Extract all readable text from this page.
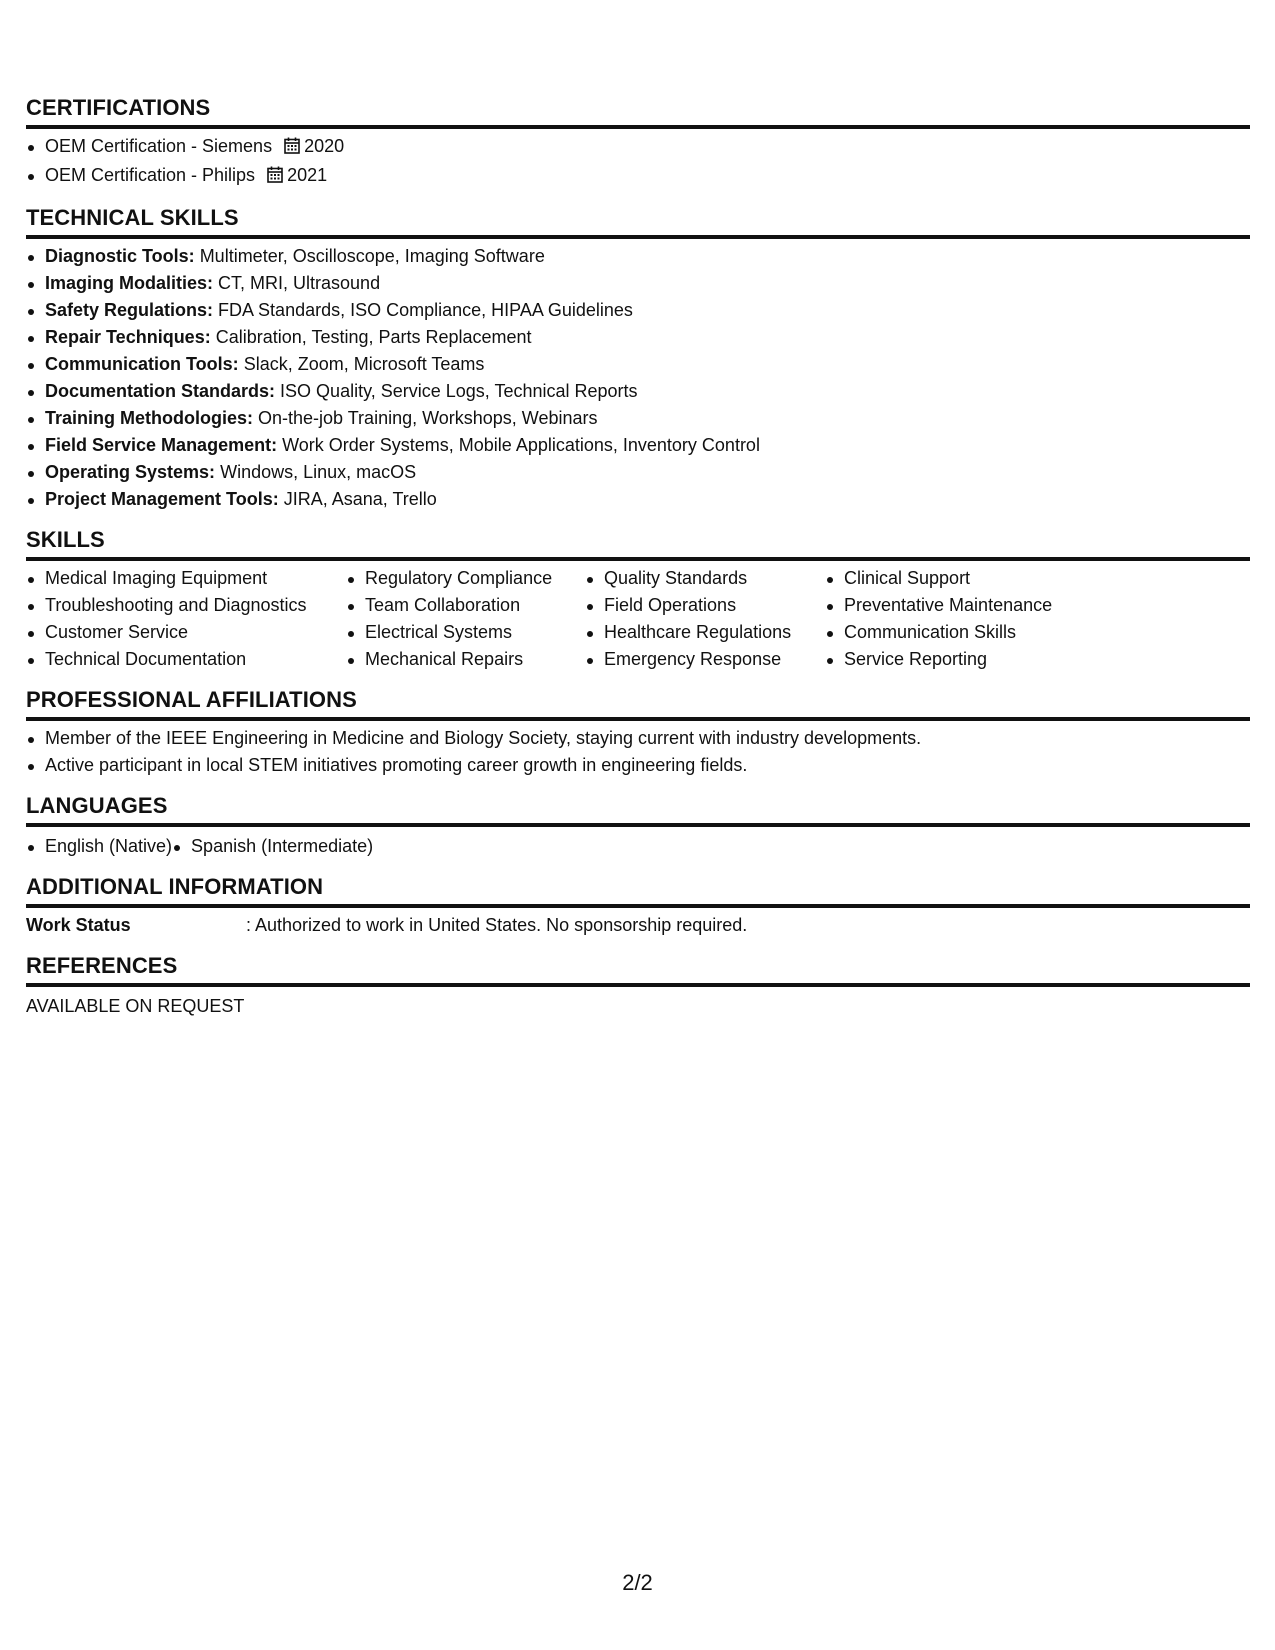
CERTIFICATIONS
OEM Certification - Siemens 2020
OEM Certification - Philips 2021
TECHNICAL SKILLS
Diagnostic Tools: Multimeter, Oscilloscope, Imaging Software
Imaging Modalities: CT, MRI, Ultrasound
Safety Regulations: FDA Standards, ISO Compliance, HIPAA Guidelines
Repair Techniques: Calibration, Testing, Parts Replacement
Communication Tools: Slack, Zoom, Microsoft Teams
Documentation Standards: ISO Quality, Service Logs, Technical Reports
Training Methodologies: On-the-job Training, Workshops, Webinars
Field Service Management: Work Order Systems, Mobile Applications, Inventory Control
Operating Systems: Windows, Linux, macOS
Project Management Tools: JIRA, Asana, Trello
SKILLS
Medical Imaging Equipment
Troubleshooting and Diagnostics
Customer Service
Technical Documentation
Regulatory Compliance
Team Collaboration
Electrical Systems
Mechanical Repairs
Quality Standards
Field Operations
Healthcare Regulations
Emergency Response
Clinical Support
Preventative Maintenance
Communication Skills
Service Reporting
PROFESSIONAL AFFILIATIONS
Member of the IEEE Engineering in Medicine and Biology Society, staying current with industry developments.
Active participant in local STEM initiatives promoting career growth in engineering fields.
LANGUAGES
English (Native)	Spanish (Intermediate)
ADDITIONAL INFORMATION
Work Status	: Authorized to work in United States. No sponsorship required.
REFERENCES
AVAILABLE ON REQUEST
2/2
